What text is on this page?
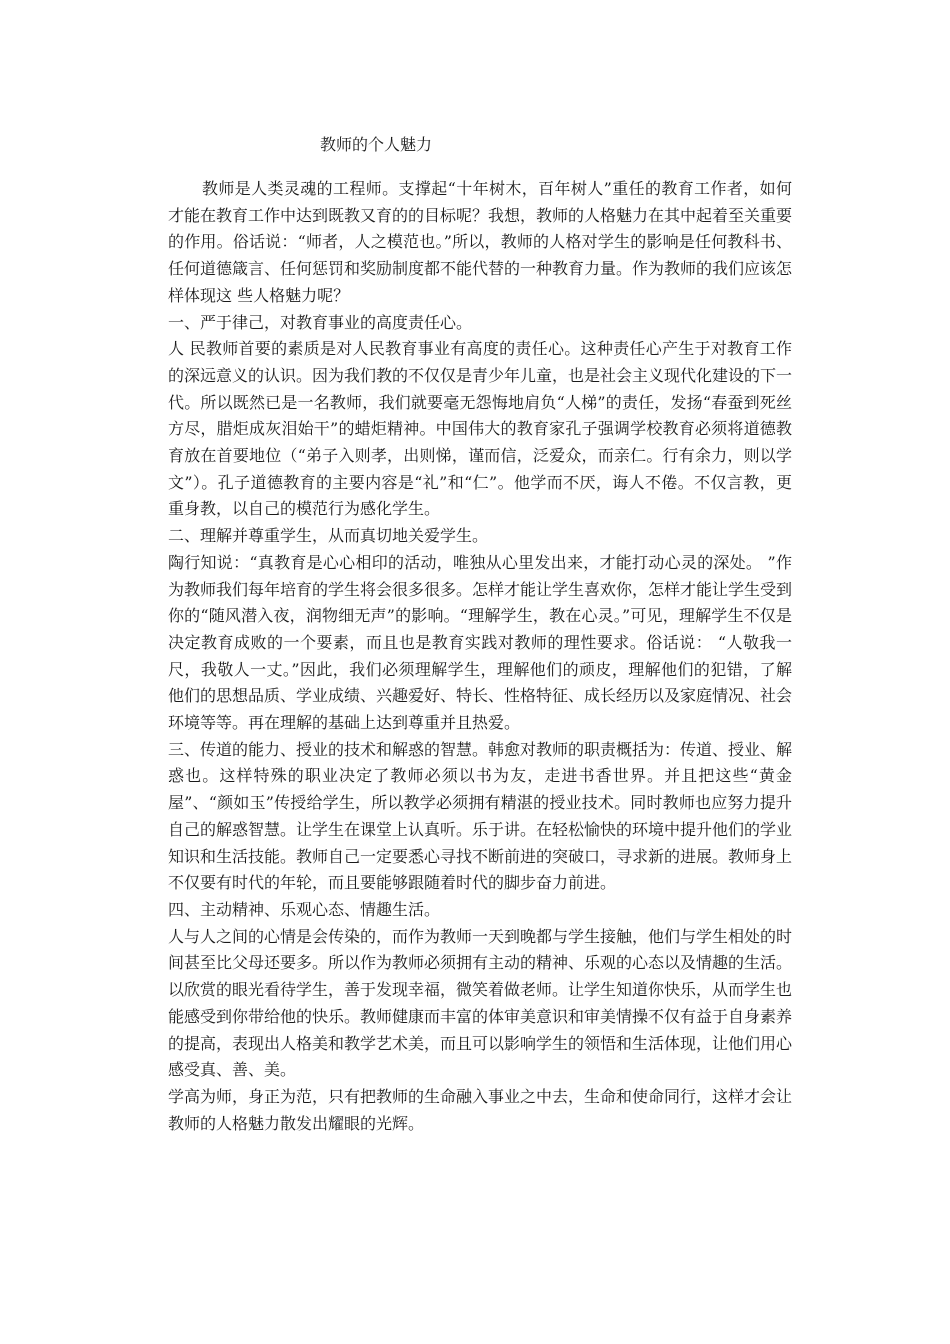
教师的个人魅力

教师是人类灵魂的工程师。支撑起“十年树木，百年树人”重任的教育工作者，如何才能在教育工作中达到既教又育的的目标呢？我想，教师的人格魅力在其中起着至关重要的作用。俗话说：“师者，人之模范也。”所以，教师的人格对学生的影响是任何教科书、任何道德箴言、任何惩罚和奖励制度都不能代替的一种教育力量。作为教师的我们应该怎样体现这 些人格魅力呢？

一、严于律己，对教育事业的高度责任心。

人 民教师首要的素质是对人民教育事业有高度的责任心。这种责任心产生于对教育工作的深远意义的认识。因为我们教的不仅仅是青少年儿童，也是社会主义现代化建设的下一代。所以既然已是一名教师，我们就要毫无怨悔地肩负“人梯”的责任，发扬“春蚕到死丝方尽，腊炬成灰泪始干”的蜡炬精神。中国伟大的教育家孔子强调学校教育必须将道德教育放在首要地位（“弟子入则孝，出则悌，谨而信，泛爱众，而亲仁。行有余力，则以学文”）。孔子道德教育的主要内容是“礼”和“仁”。他学而不厌，诲人不倦。不仅言教，更重身教，以自己的模范行为感化学生。

二、理解并尊重学生，从而真切地关爱学生。

陶行知说：“真教育是心心相印的活动，唯独从心里发出来，才能打动心灵的深处。 ”作为教师我们每年培育的学生将会很多很多。怎样才能让学生喜欢你，怎样才能让学生受到你的“随风潜入夜，润物细无声”的影响。“理解学生，教在心灵。”可见，理解学生不仅是决定教育成败的一个要素，而且也是教育实践对教师的理性要求。俗话说： “人敬我一尺，我敬人一丈。”因此，我们必须理解学生，理解他们的顽皮，理解他们的犯错，了解他们的思想品质、学业成绩、兴趣爱好、特长、性格特征、成长经历以及家庭情况、社会环境等等。再在理解的基础上达到尊重并且热爱。

三、传道的能力、授业的技术和解惑的智慧。韩愈对教师的职责概括为：传道、授业、解惑也。这样特殊的职业决定了教师必须以书为友，走进书香世界。并且把这些“黄金屋”、“颜如玉”传授给学生，所以教学必须拥有精湛的授业技术。同时教师也应努力提升自己的解惑智慧。让学生在课堂上认真听。乐于讲。在轻松愉快的环境中提升他们的学业知识和生活技能。教师自己一定要悉心寻找不断前进的突破口，寻求新的进展。教师身上不仅要有时代的年轮，而且要能够跟随着时代的脚步奋力前进。

四、主动精神、乐观心态、情趣生活。

人与人之间的心情是会传染的，而作为教师一天到晚都与学生接触，他们与学生相处的时间甚至比父母还要多。所以作为教师必须拥有主动的精神、乐观的心态以及情趣的生活。以欣赏的眼光看待学生，善于发现幸福，微笑着做老师。让学生知道你快乐，从而学生也能感受到你带给他的快乐。教师健康而丰富的体审美意识和审美情操不仅有益于自身素养的提高，表现出人格美和教学艺术美，而且可以影响学生的领悟和生活体现，让他们用心感受真、善、美。

学高为师，身正为范，只有把教师的生命融入事业之中去，生命和使命同行，这样才会让教师的人格魅力散发出耀眼的光辉。
